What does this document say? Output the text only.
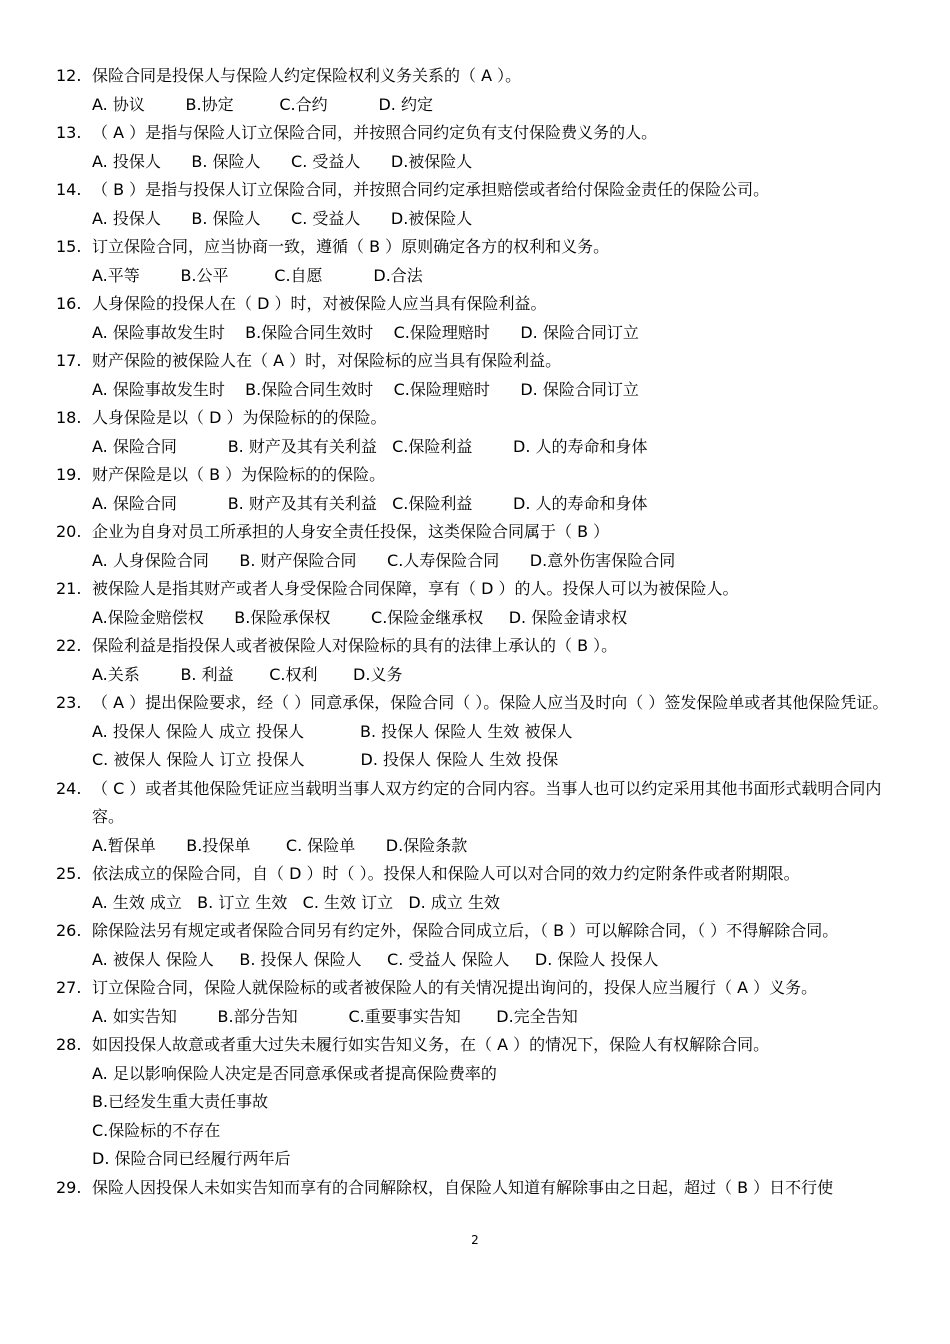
12. 保险合同是投保人与保险人约定保险权利义务关系的（ A ）。
A. 协议        B.协定         C.合约          D. 约定
13. （ A ）是指与保险人订立保险合同，并按照合同约定负有支付保险费义务的人。
A. 投保人      B. 保险人      C. 受益人      D.被保险人
14. （ B ）是指与投保人订立保险合同，并按照合同约定承担赔偿或者给付保险金责任的保险公司。
A. 投保人      B. 保险人      C. 受益人      D.被保险人
15. 订立保险合同，应当协商一致，遵循（ B ）原则确定各方的权利和义务。
A.平等        B.公平         C.自愿          D.合法
16. 人身保险的投保人在（ D ）时，对被保险人应当具有保险利益。
A. 保险事故发生时    B.保险合同生效时    C.保险理赔时      D. 保险合同订立
17. 财产保险的被保险人在（ A ）时，对保险标的应当具有保险利益。
A. 保险事故发生时    B.保险合同生效时    C.保险理赔时      D. 保险合同订立
18. 人身保险是以（ D ）为保险标的的保险。
A. 保险合同          B. 财产及其有关利益   C.保险利益        D. 人的寿命和身体
19. 财产保险是以（ B ）为保险标的的保险。
A. 保险合同          B. 财产及其有关利益   C.保险利益        D. 人的寿命和身体
20. 企业为自身对员工所承担的人身安全责任投保，这类保险合同属于（ B ）
A. 人身保险合同      B. 财产保险合同      C.人寿保险合同      D.意外伤害保险合同
21. 被保险人是指其财产或者人身受保险合同保障，享有（ D ）的人。投保人可以为被保险人。
A.保险金赔偿权      B.保险承保权        C.保险金继承权     D. 保险金请求权
22. 保险利益是指投保人或者被保险人对保险标的具有的法律上承认的（ B ）。
A.关系        B. 利益       C.权利       D.义务
23. （ A ）提出保险要求，经（ ）同意承保，保险合同（ ）。保险人应当及时向（ ）签发保险单或者其他保险凭证。
A. 投保人 保险人 成立 投保人           B. 投保人 保险人 生效 被保人
C. 被保人 保险人 订立 投保人           D. 投保人 保险人 生效 投保
24. （ C ）或者其他保险凭证应当载明当事人双方约定的合同内容。当事人也可以约定采用其他书面形式载明合同内容。
A.暂保单      B.投保单       C. 保险单      D.保险条款
25. 依法成立的保险合同，自（ D ）时（ ）。投保人和保险人可以对合同的效力约定附条件或者附期限。
A. 生效 成立   B. 订立 生效   C. 生效 订立   D. 成立 生效
26. 除保险法另有规定或者保险合同另有约定外，保险合同成立后，（ B ）可以解除合同，（ ）不得解除合同。
A. 被保人 保险人     B. 投保人 保险人     C. 受益人 保险人     D. 保险人 投保人
27. 订立保险合同，保险人就保险标的或者被保险人的有关情况提出询问的，投保人应当履行（ A ）义务。
A. 如实告知        B.部分告知          C.重要事实告知       D.完全告知
28. 如因投保人故意或者重大过失未履行如实告知义务，在（ A ）的情况下，保险人有权解除合同。
A. 足以影响保险人决定是否同意承保或者提高保险费率的
B.已经发生重大责任事故
C.保险标的不存在
D. 保险合同已经履行两年后
29. 保险人因投保人未如实告知而享有的合同解除权，自保险人知道有解除事由之日起，超过（ B ）日不行使
2
